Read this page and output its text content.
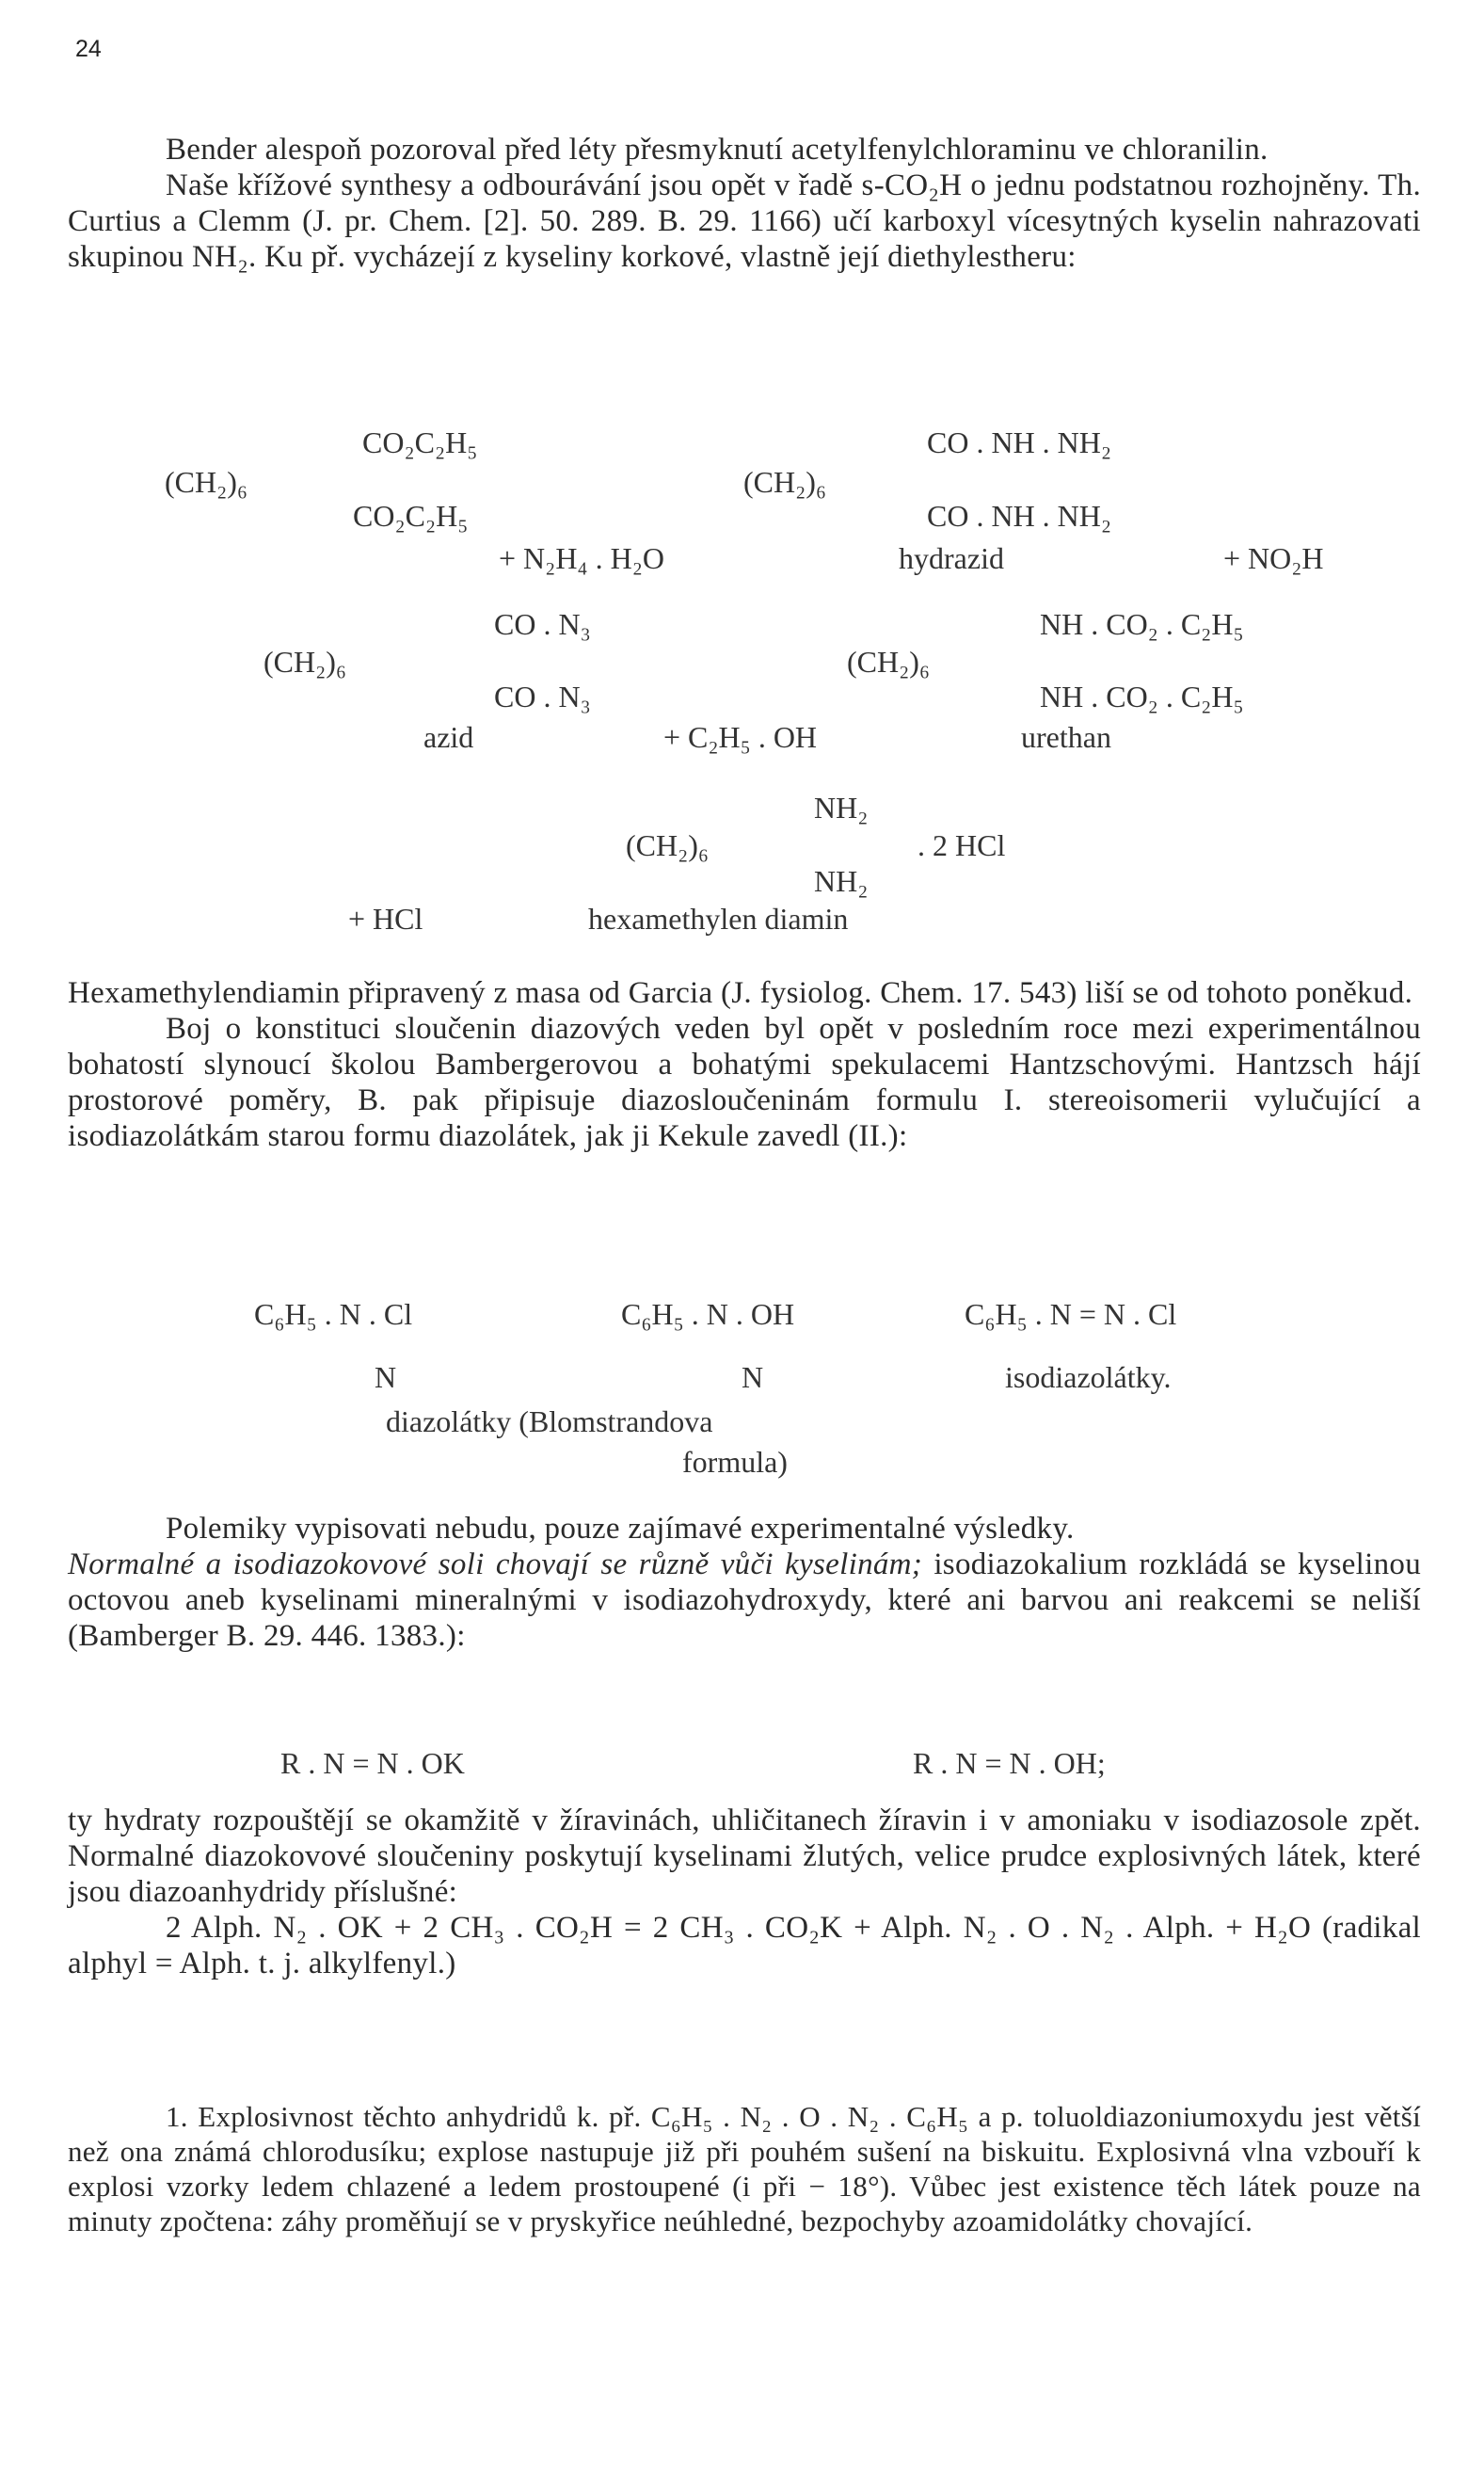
24

Bender alespoň pozoroval před léty přesmyknutí acetylfenylchloraminu ve chloranilin.

Naše křížové synthesy a odbourávání jsou opět v řadě s-CO₂H o jednu podstatnou rozhojněny. Th. Curtius a Clemm (J. pr. Chem. [2]. 50. 289. B. 29. 1166) učí karboxyl vícesytných kyselin nahrazovati skupinou NH₂. Ku př. vycházejí z kyseliny korkové, vlastně její diethylestheru:

CO₂C₂H₅
(CH₂)₆
CO₂C₂H₅
+ N₂H₄ . H₂O
CO . NH . NH₂
(CH₂)₆
CO . NH . NH₂
hydrazid	+ NO₂H
CO . N₃
(CH₂)₆
CO . N₃
azid	+ C₂H₅ . OH
NH . CO₂ . C₂H₅
(CH₂)₆
NH . CO₂ . C₂H₅
urethan
NH₂
(CH₂)₆	. 2 HCl
NH₂
+ HCl	hexamethylen diamin

Hexamethylendiamin připravený z masa od Garcia (J. fysiolog. Chem. 17. 543) liší se od tohoto poněkud.

Boj o konstituci sloučenin diazových veden byl opět v posledním roce mezi experimentálnou bohatostí slynoucí školou Bambergerovou a bohatými spekulacemi Hantzschovými. Hantzsch hájí prostorové poměry, B. pak připisuje diazosloučeninám formulu I. stereoisomerii vylučující a isodiazolátkám starou formu diazolátek, jak ji Kekule zavedl (II.):

C₆H₅ . N . Cl
N
C₆H₅ . N . OH
N
C₆H₅ . N = N . Cl
diazolátky (Blomstrandova
formula)
isodiazolátky.

Polemiky vypisovati nebudu, pouze zajímavé experimentalné výsledky.

Normalné a isodiazokovové soli chovají se různě vůči kyselinám; isodiazokalium rozkládá se kyselinou octovou aneb kyselinami mineralnými v isodiazohydroxydy, které ani barvou ani reakcemi se neliší (Bamberger B. 29. 446. 1383.):

R . N = N . OK	R . N = N . OH;

ty hydraty rozpouštějí se okamžitě v žíravinách, uhličitanech žíravin i v amoniaku v isodiazosole zpět. Normalné diazokovové sloučeniny poskytují kyselinami žlutých, velice prudce explosivných látek, které jsou diazoanhydridy příslušné:

2 Alph. N₂ . OK + 2 CH₃ . CO₂H = 2 CH₃ . CO₂K + Alph. N₂ . O . N₂ . Alph. + H₂O (radikal alphyl = Alph. t. j. alkylfenyl.)

1. Explosivnost těchto anhydridů k. př. C₆H₅ . N₂ . O . N₂ . C₆H₅ a p. toluoldiazoniumoxydu jest větší než ona známá chlorodusíku; explose nastupuje již při pouhém sušení na biskuitu. Explosivná vlna vzbouří k explosi vzorky ledem chlazené a ledem prostoupené (i při − 18°). Vůbec jest existence těch látek pouze na minuty zpočtena: záhy proměňují se v pryskyřice neúhledné, bezpochyby azoamidolátky chovající.
